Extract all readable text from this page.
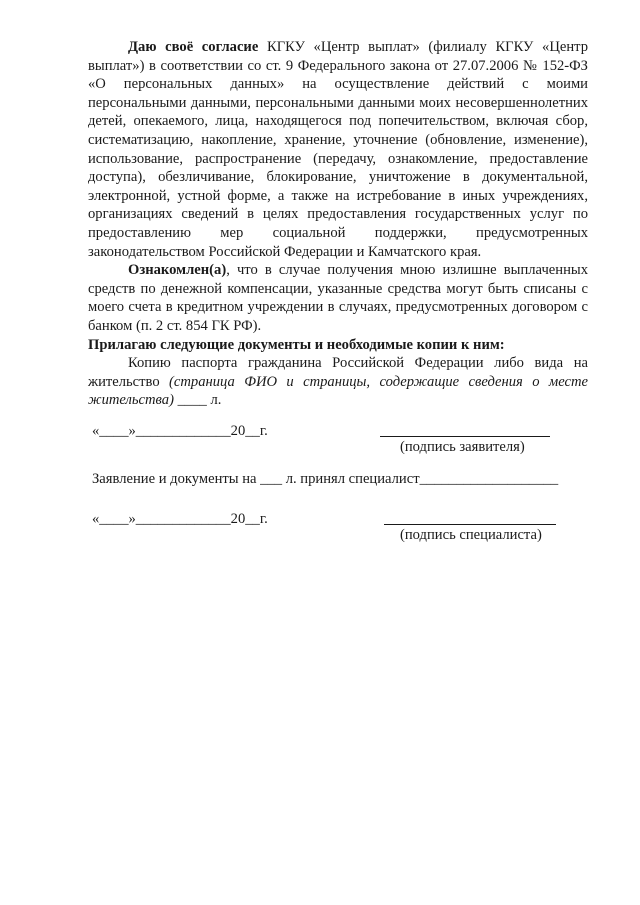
Даю своё согласие КГКУ «Центр выплат» (филиалу КГКУ «Центр выплат») в соответствии со ст. 9 Федерального закона от 27.07.2006 № 152-ФЗ «О персональных данных» на осуществление действий с моими персональными данными, персональными данными моих несовершеннолетних детей, опекаемого, лица, находящегося под попечительством, включая сбор, систематизацию, накопление, хранение, уточнение (обновление, изменение), использование, распространение (передачу, ознакомление, предоставление доступа), обезличивание, блокирование, уничтожение в документальной, электронной, устной форме, а также на истребование в иных учреждениях, организациях сведений в целях предоставления государственных услуг по предоставлению мер социальной поддержки, предусмотренных законодательством Российской Федерации и Камчатского края.

Ознакомлен(а), что в случае получения мною излишне выплаченных средств по денежной компенсации, указанные средства могут быть списаны с моего счета в кредитном учреждении в случаях, предусмотренных договором с банком (п. 2 ст. 854 ГК РФ).

Прилагаю следующие документы и необходимые копии к ним:

Копию паспорта гражданина Российской Федерации либо вида на жительство (страница ФИО и страницы, содержащие сведения о месте жительства) ____ л.

«____»_____________20__г.
(подпись заявителя)
Заявление и документы на ___ л. принял специалист___________________
«____»_____________20__г.
(подпись специалиста)
